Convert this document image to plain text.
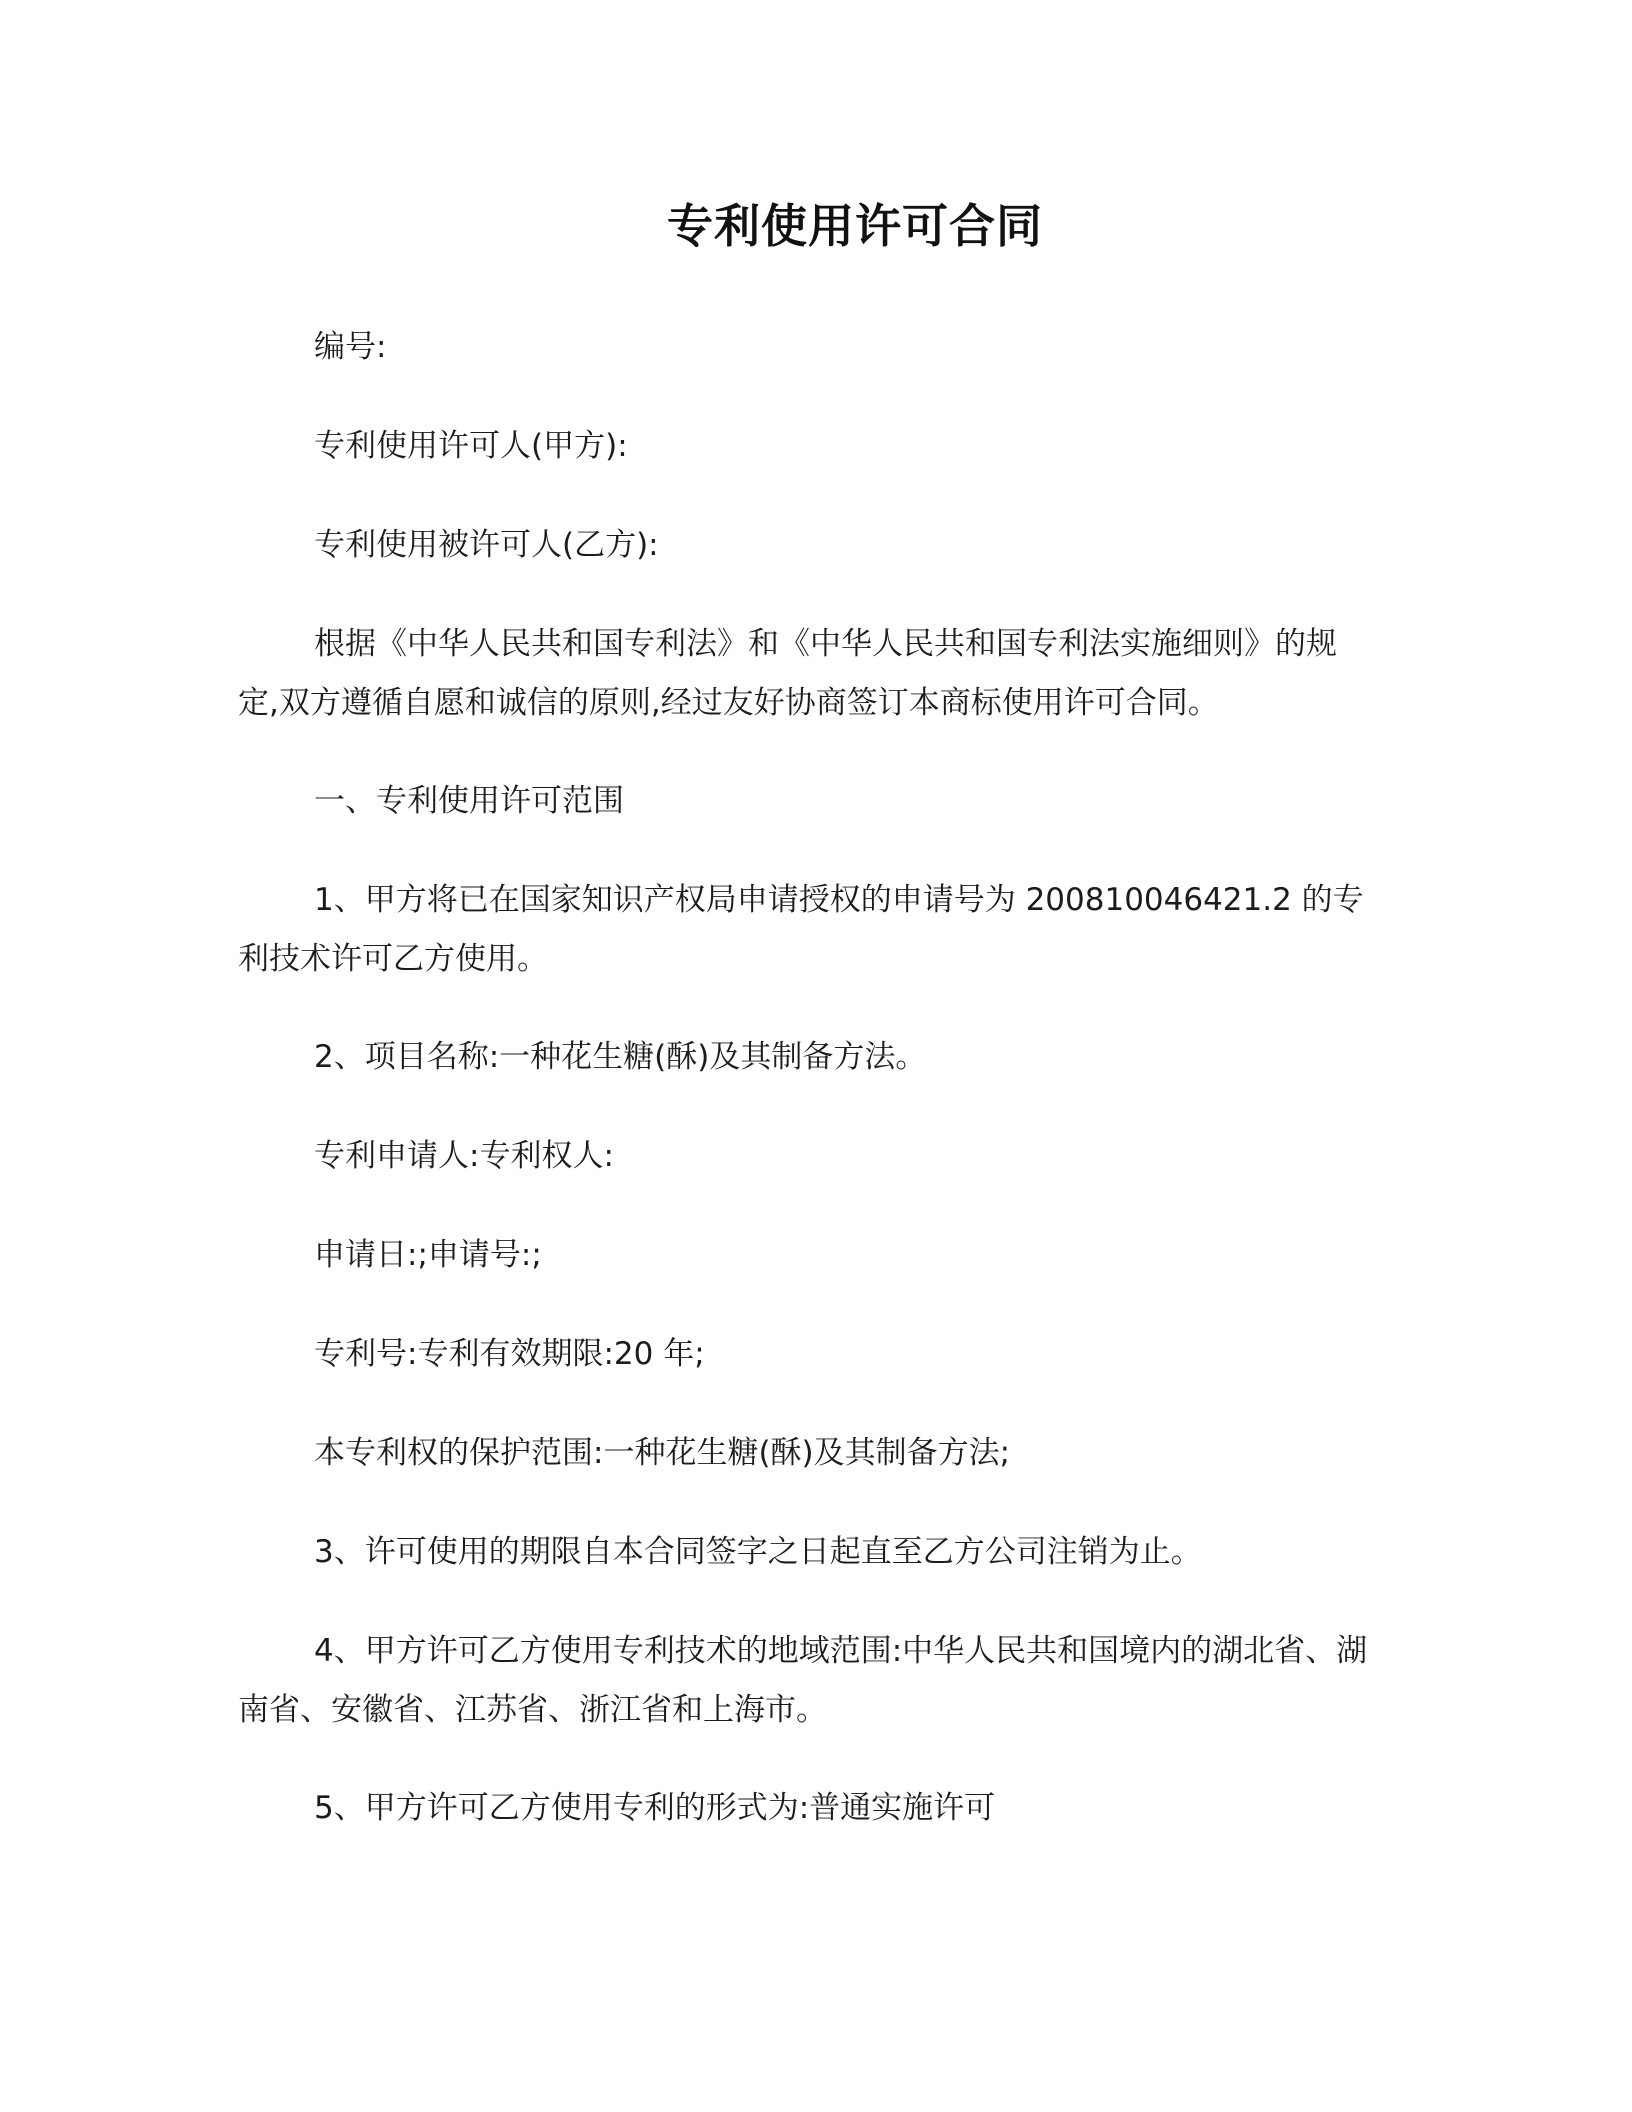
专利使用许可合同

编号:

专利使用许可人(甲方):

专利使用被许可人(乙方):

根据《中华人民共和国专利法》和《中华人民共和国专利法实施细则》的规定,双方遵循自愿和诚信的原则,经过友好协商签订本商标使用许可合同。

一、专利使用许可范围

1、甲方将已在国家知识产权局申请授权的申请号为 200810046421.2 的专利技术许可乙方使用。

2、项目名称:一种花生糖(酥)及其制备方法。

专利申请人:专利权人:

申请日:;申请号:;

专利号:专利有效期限:20 年;

本专利权的保护范围:一种花生糖(酥)及其制备方法;

3、许可使用的期限自本合同签字之日起直至乙方公司注销为止。

4、甲方许可乙方使用专利技术的地域范围:中华人民共和国境内的湖北省、湖南省、安徽省、江苏省、浙江省和上海市。

5、甲方许可乙方使用专利的形式为:普通实施许可
